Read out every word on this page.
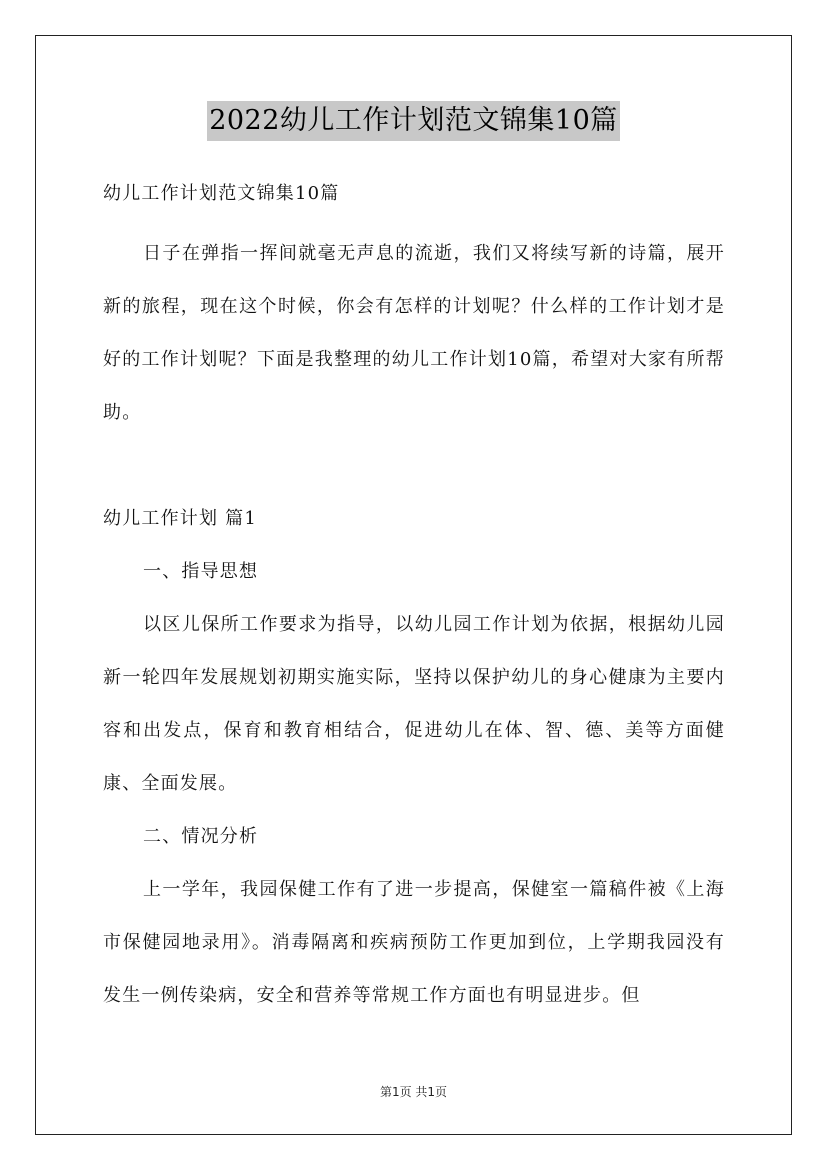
2022幼儿工作计划范文锦集10篇
幼儿工作计划范文锦集10篇

日子在弹指一挥间就毫无声息的流逝，我们又将续写新的诗篇，展开新的旅程，现在这个时候，你会有怎样的计划呢？什么样的工作计划才是好的工作计划呢？下面是我整理的幼儿工作计划10篇，希望对大家有所帮助。

幼儿工作计划 篇1

一、指导思想

以区儿保所工作要求为指导，以幼儿园工作计划为依据，根据幼儿园新一轮四年发展规划初期实施实际，坚持以保护幼儿的身心健康为主要内容和出发点，保育和教育相结合，促进幼儿在体、智、德、美等方面健康、全面发展。

二、情况分析

上一学年，我园保健工作有了进一步提高，保健室一篇稿件被《上海市保健园地录用》。消毒隔离和疾病预防工作更加到位，上学期我园没有发生一例传染病，安全和营养等常规工作方面也有明显进步。但

第1页 共1页
